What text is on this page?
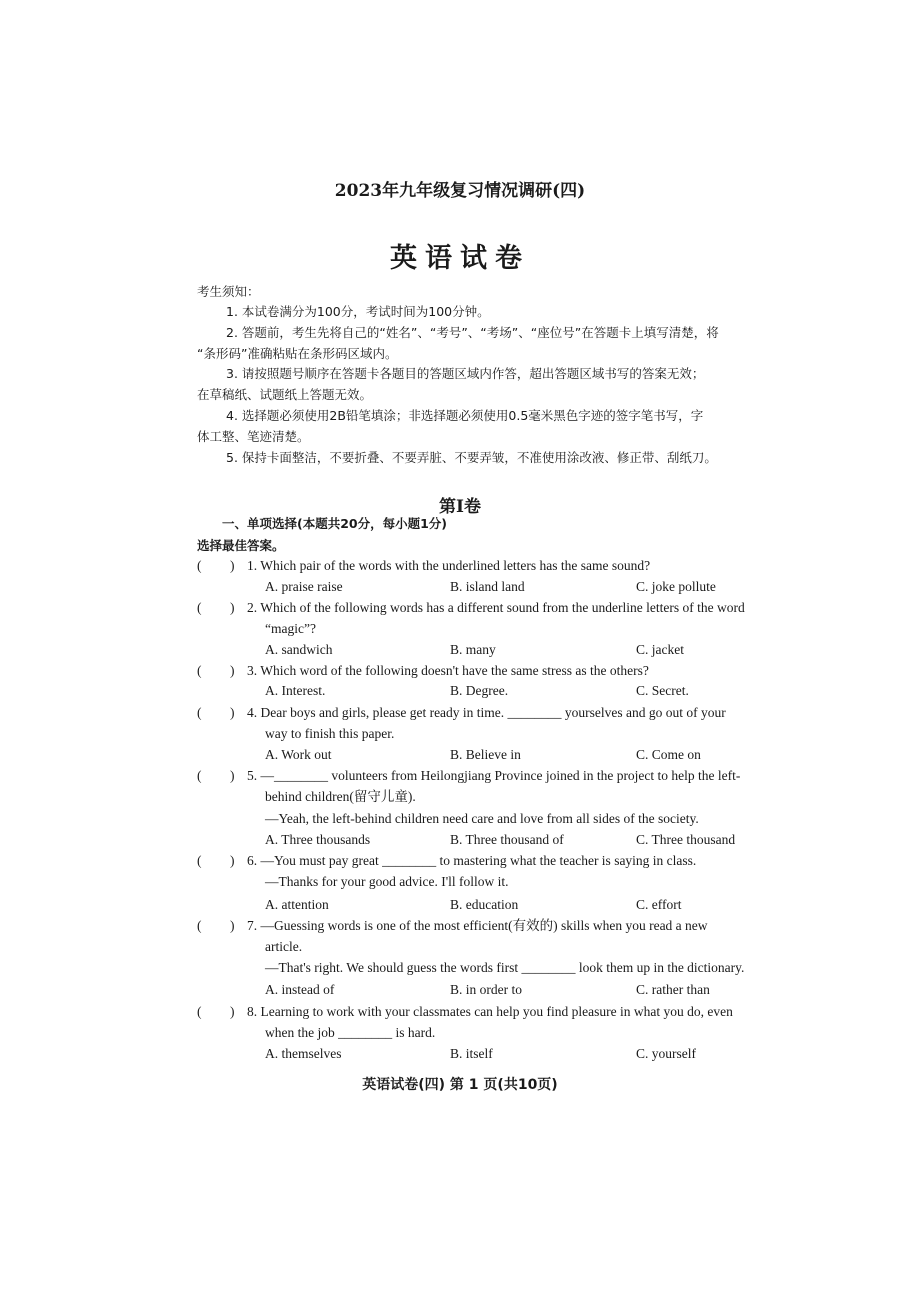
2023年九年级复习情况调研(四)
英语试卷
考生须知：
1. 本试卷满分为100分，考试时间为100分钟。
2. 答题前，考生先将自己的“姓名”、“考号”、“考场”、“座位号”在答题卡上填写清楚，将
“条形码”准确粘贴在条形码区域内。
3. 请按照题号顺序在答题卡各题目的答题区域内作答，超出答题区域书写的答案无效；
在草稿纸、试题纸上答题无效。
4. 选择题必须使用2B铅笔填涂；非选择题必须使用0.5毫米黑色字迹的签字笔书写，字
体工整、笔迹清楚。
5. 保持卡面整洁，不要折叠、不要弄脏、不要弄皱，不准使用涂改液、修正带、刮纸刀。
第Ⅰ卷
一、单项选择(本题共20分，每小题1分)
选择最佳答案。
( ) 1. Which pair of the words with the underlined letters has the same sound?
A. praise raise	B. island land	C. joke pollute
( ) 2. Which of the following words has a different sound from the underline letters of the word
“magic”?
A. sandwich	B. many	C. jacket
( ) 3. Which word of the following doesn't have the same stress as the others?
A. Interest.	B. Degree.	C. Secret.
( ) 4. Dear boys and girls, please get ready in time. ________ yourselves and go out of your
way to finish this paper.
A. Work out	B. Believe in	C. Come on
( ) 5. —________ volunteers from Heilongjiang Province joined in the project to help the left-
behind children(留守儿童).
—Yeah, the left-behind children need care and love from all sides of the society.
A. Three thousands	B. Three thousand of	C. Three thousand
( ) 6. —You must pay great ________ to mastering what the teacher is saying in class.
—Thanks for your good advice. I'll follow it.
A. attention	B. education	C. effort
( ) 7. —Guessing words is one of the most efficient(有效的) skills when you read a new
article.
—That's right. We should guess the words first ________ look them up in the dictionary.
A. instead of	B. in order to	C. rather than
( ) 8. Learning to work with your classmates can help you find pleasure in what you do, even
when the job ________ is hard.
A. themselves	B. itself	C. yourself
英语试卷(四) 第 1 页(共10页)
